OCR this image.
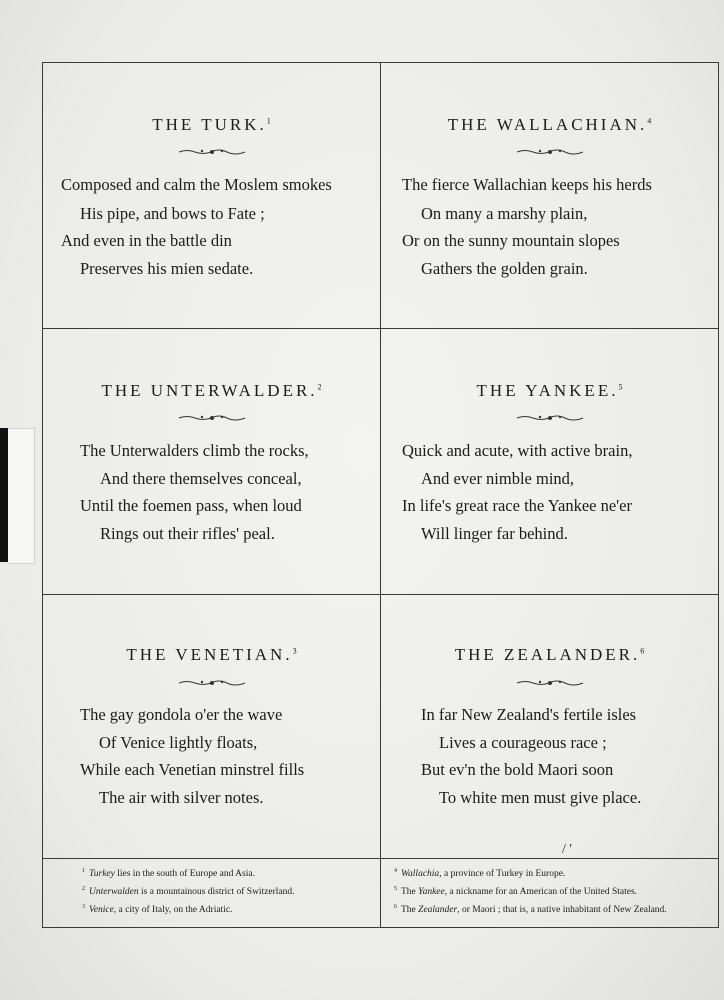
THE TURK.$^1$
Composed and calm the Moslem smokes
His pipe, and bows to Fate ;
And even in the battle din
Preserves his mien sedate.
THE WALLACHIAN.$^4$
The fierce Wallachian keeps his herds
On many a marshy plain,
Or on the sunny mountain slopes
Gathers the golden grain.
THE UNTERWALDER.$^2$
The Unterwalders climb the rocks,
And there themselves conceal,
Until the foemen pass, when loud
Rings out their rifles' peal.
THE YANKEE.$^5$
Quick and acute, with active brain,
And ever nimble mind,
In life's great race the Yankee ne'er
Will linger far behind.
THE VENETIAN.$^3$
The gay gondola o'er the wave
Of Venice lightly floats,
While each Venetian minstrel fills
The air with silver notes.
THE ZEALANDER.$^6$
In far New Zealand's fertile isles
Lives a courageous race ;
But ev'n the bold Maori soon
To white men must give place.
/ '
$^1$ Turkey lies in the south of Europe and Asia.
$^2$ Unterwalden is a mountainous district of Switzerland.
$^3$ Venice, a city of Italy, on the Adriatic.
$^4$ Wallachia, a province of Turkey in Europe.
$^5$ The Yankee, a nickname for an American of the United States.
$^6$ The Zealander, or Maori ; that is, a native inhabitant of New Zealand.
